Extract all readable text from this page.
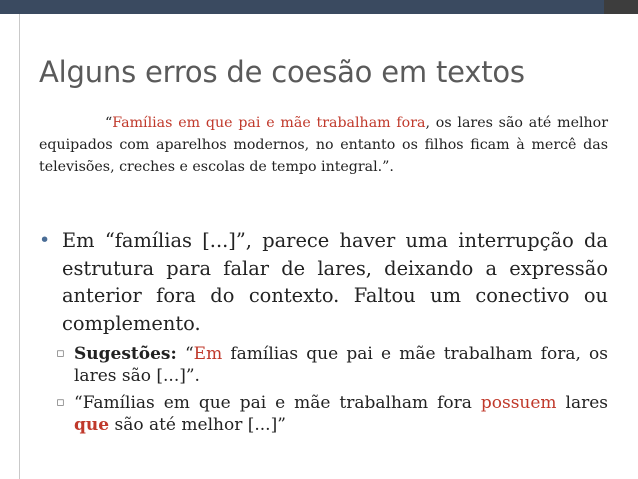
Alguns erros de coesão em textos
“Famílias em que pai e mãe trabalham fora, os lares são até melhor equipados com aparelhos modernos, no entanto os filhos ficam à mercê das televisões, creches e escolas de tempo integral.”.
• Em “famílias [...]”, parece haver uma interrupção da estrutura para falar de lares, deixando a expressão anterior fora do contexto. Faltou um conectivo ou complemento.
▫ Sugestões: “Em famílias que pai e mãe trabalham fora, os lares são [...]”.
▫ “Famílias em que pai e mãe trabalham fora possuem lares que são até melhor [...]”
